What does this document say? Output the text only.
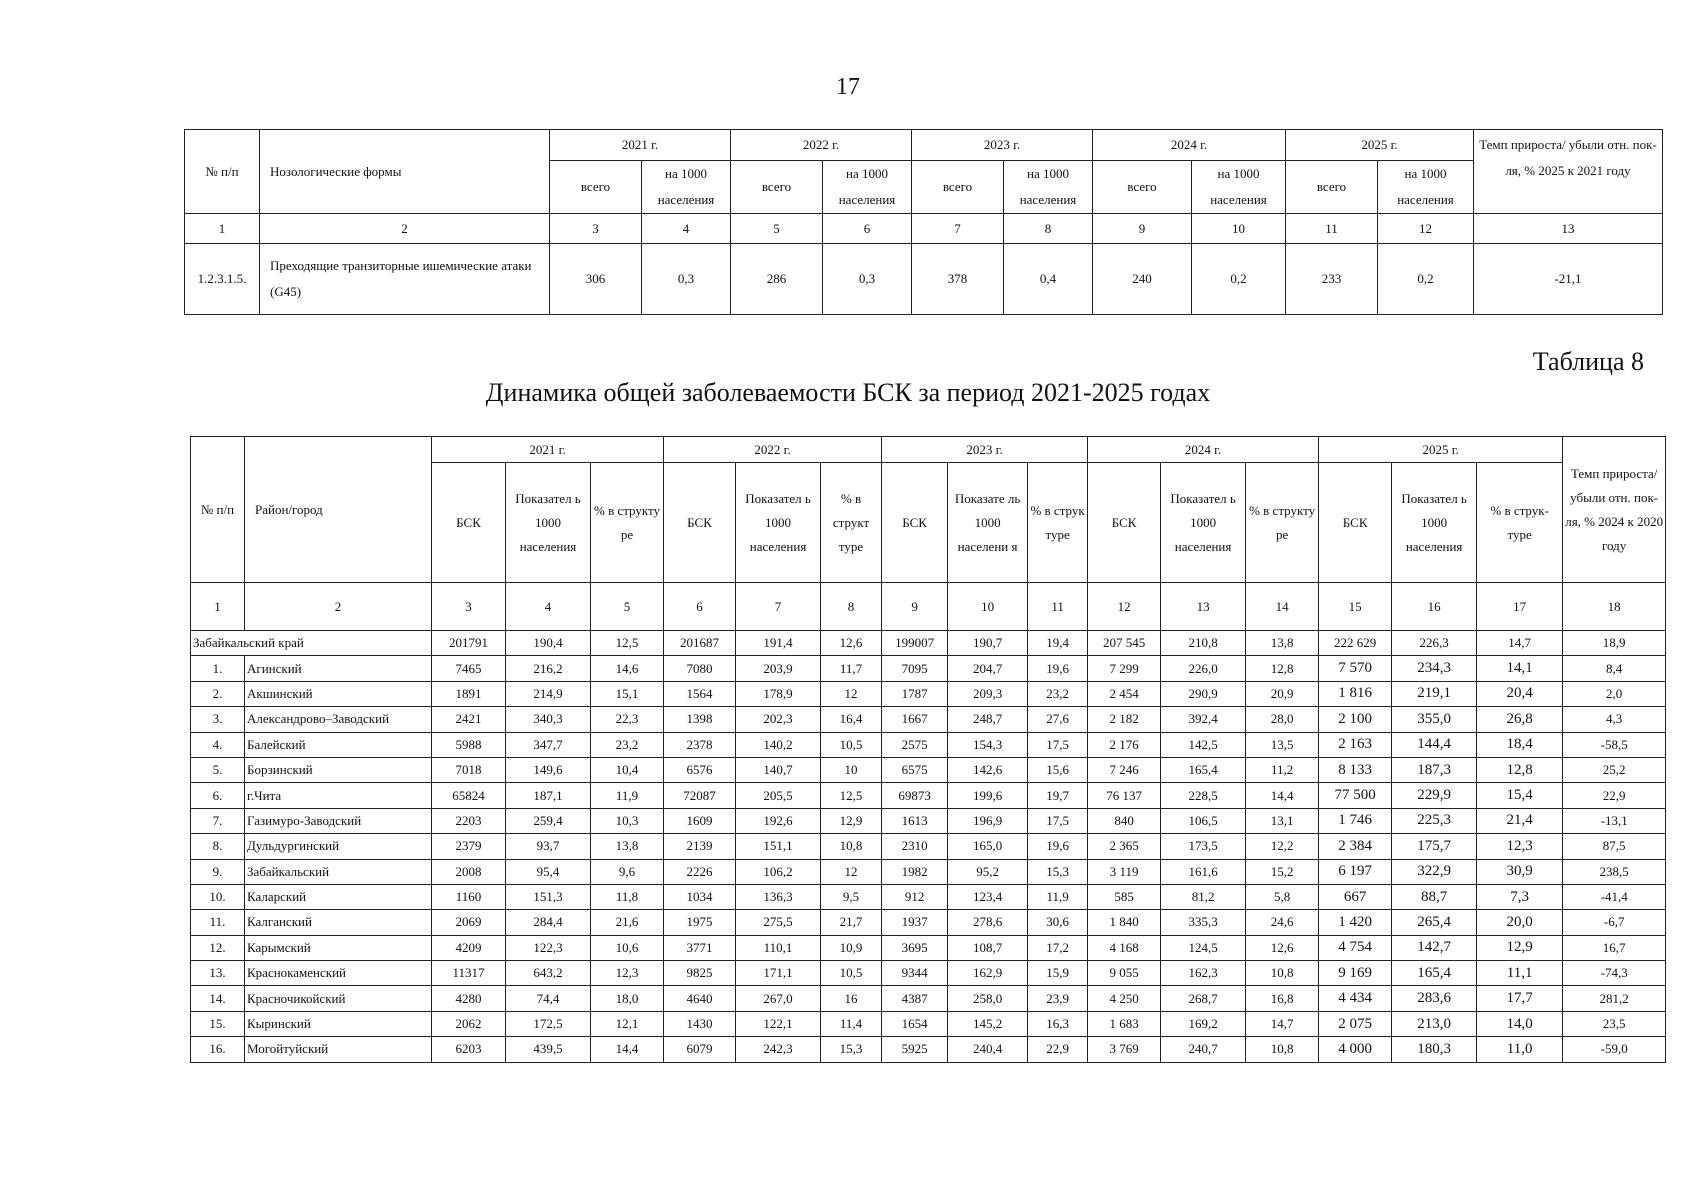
17
№ п/п	Нозологические формы	2021 г.		2022 г.		2023 г.		2024 г.		2025 г.		Темп прироста/ убыли отн. пок-ля, % 2025 к 2021 году
		всего	на 1000 населения	всего	на 1000 населения	всего	на 1000 населения	всего	на 1000 населения	всего	на 1000 населения	
1	2	3	4	5	6	7	8	9	10	11	12	13
1.2.3.1.5.	Преходящие транзиторные ишемические атаки (G45)	306	0,3	286	0,3	378	0,4	240	0,2	233	0,2	-21,1
Таблица 8
Динамика общей заболеваемости БСК за период 2021-2025 годах
№ п/п	Район/город	2021 г.			2022 г.			2023 г.			2024 г.			2025 г.			Темп прироста/ убыли отн. пок-ля, % 2024 к 2020 году
		БСК	Показател ь 1000 населения	% в структу ре	БСК	Показател ь 1000 населения	% в структ туре	БСК	Показате ль 1000 населени я	% в струк туре	БСК	Показател ь 1000 населения	% в структу ре	БСК	Показател ь 1000 населения	% в струк- туре	
1	2	3	4	5	6	7	8	9	10	11	12	13	14	15	16	17	18
Забайкальский край		201791	190,4	12,5	201687	191,4	12,6	199007	190,7	19,4	207 545	210,8	13,8	222 629	226,3	14,7	18,9
1.	Агинский	7465	216,2	14,6	7080	203,9	11,7	7095	204,7	19,6	7 299	226,0	12,8	7 570	234,3	14,1	8,4
2.	Акшинский	1891	214,9	15,1	1564	178,9	12	1787	209,3	23,2	2 454	290,9	20,9	1 816	219,1	20,4	2,0
3.	Александрово–Заводский	2421	340,3	22,3	1398	202,3	16,4	1667	248,7	27,6	2 182	392,4	28,0	2 100	355,0	26,8	4,3
4.	Балейский	5988	347,7	23,2	2378	140,2	10,5	2575	154,3	17,5	2 176	142,5	13,5	2 163	144,4	18,4	-58,5
5.	Борзинский	7018	149,6	10,4	6576	140,7	10	6575	142,6	15,6	7 246	165,4	11,2	8 133	187,3	12,8	25,2
6.	г.Чита	65824	187,1	11,9	72087	205,5	12,5	69873	199,6	19,7	76 137	228,5	14,4	77 500	229,9	15,4	22,9
7.	Газимуро-Заводский	2203	259,4	10,3	1609	192,6	12,9	1613	196,9	17,5	840	106,5	13,1	1 746	225,3	21,4	-13,1
8.	Дульдургинский	2379	93,7	13,8	2139	151,1	10,8	2310	165,0	19,6	2 365	173,5	12,2	2 384	175,7	12,3	87,5
9.	Забайкальский	2008	95,4	9,6	2226	106,2	12	1982	95,2	15,3	3 119	161,6	15,2	6 197	322,9	30,9	238,5
10.	Каларский	1160	151,3	11,8	1034	136,3	9,5	912	123,4	11,9	585	81,2	5,8	667	88,7	7,3	-41,4
11.	Калганский	2069	284,4	21,6	1975	275,5	21,7	1937	278,6	30,6	1 840	335,3	24,6	1 420	265,4	20,0	-6,7
12.	Карымский	4209	122,3	10,6	3771	110,1	10,9	3695	108,7	17,2	4 168	124,5	12,6	4 754	142,7	12,9	16,7
13.	Краснокаменский	11317	643,2	12,3	9825	171,1	10,5	9344	162,9	15,9	9 055	162,3	10,8	9 169	165,4	11,1	-74,3
14.	Красночикойский	4280	74,4	18,0	4640	267,0	16	4387	258,0	23,9	4 250	268,7	16,8	4 434	283,6	17,7	281,2
15.	Кыринский	2062	172,5	12,1	1430	122,1	11,4	1654	145,2	16,3	1 683	169,2	14,7	2 075	213,0	14,0	23,5
16.	Могойтуйский	6203	439,5	14,4	6079	242,3	15,3	5925	240,4	22,9	3 769	240,7	10,8	4 000	180,3	11,0	-59,0
